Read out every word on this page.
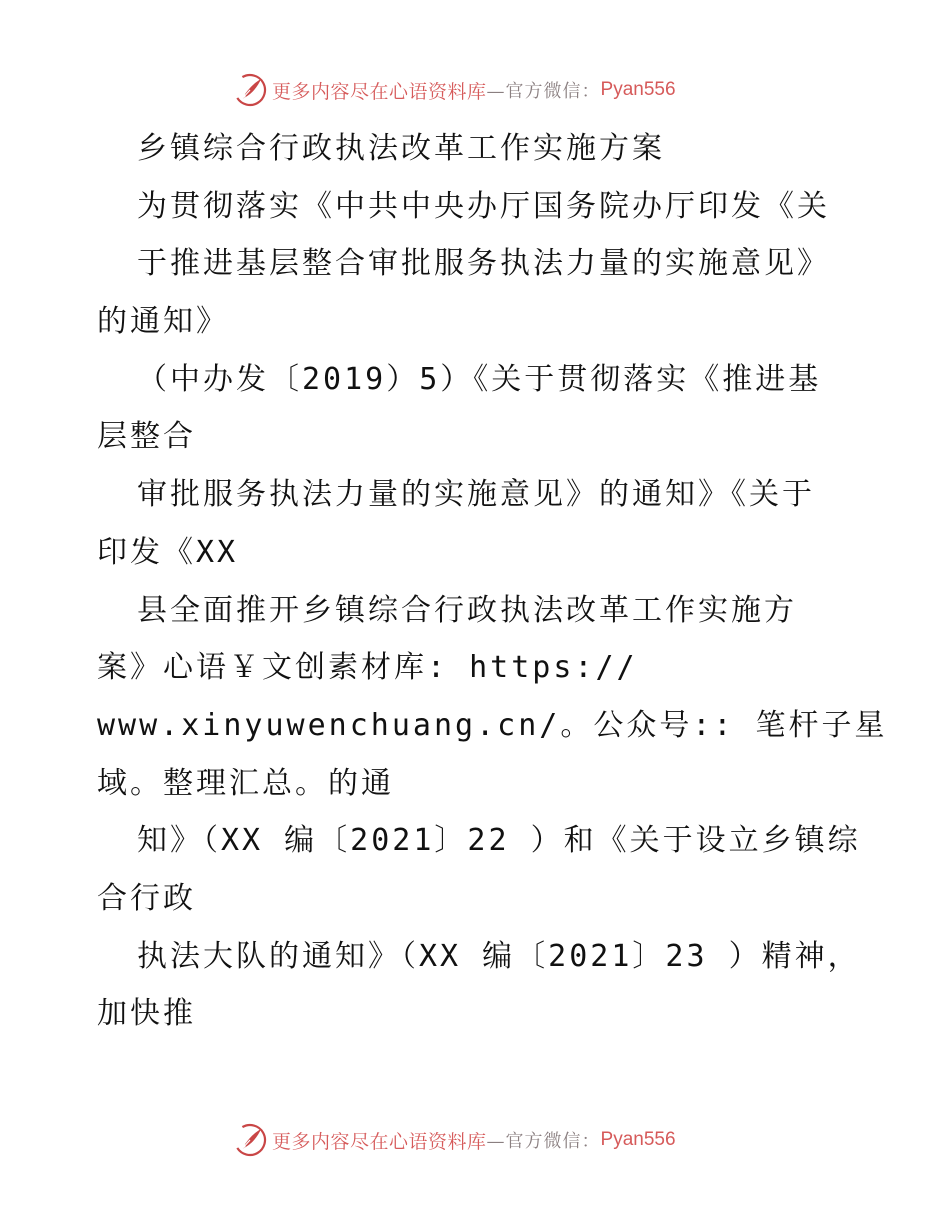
更多内容尽在心语资料库 —官方微信： Pyan556
乡镇综合行政执法改革工作实施方案
为贯彻落实《中共中央办厅国务院办厅印发《关
于推进基层整合审批服务执法力量的实施意见》
的通知》
（中办发〔2019）5）《关于贯彻落实《推进基
层整合
审批服务执法力量的实施意见》的通知》《关于
印发《XX
县全面推开乡镇综合行政执法改革工作实施方
案》心语￥文创素材库: https://
www.xinyuwenchuang.cn/。公众号:: 笔杆子星
域。整理汇总。的通
知》（XX 编〔2021〕22 ）和《关于设立乡镇综
合行政
执法大队的通知》（XX 编〔2021〕23 ）精神，
加快推
更多内容尽在心语资料库 —官方微信： Pyan556
